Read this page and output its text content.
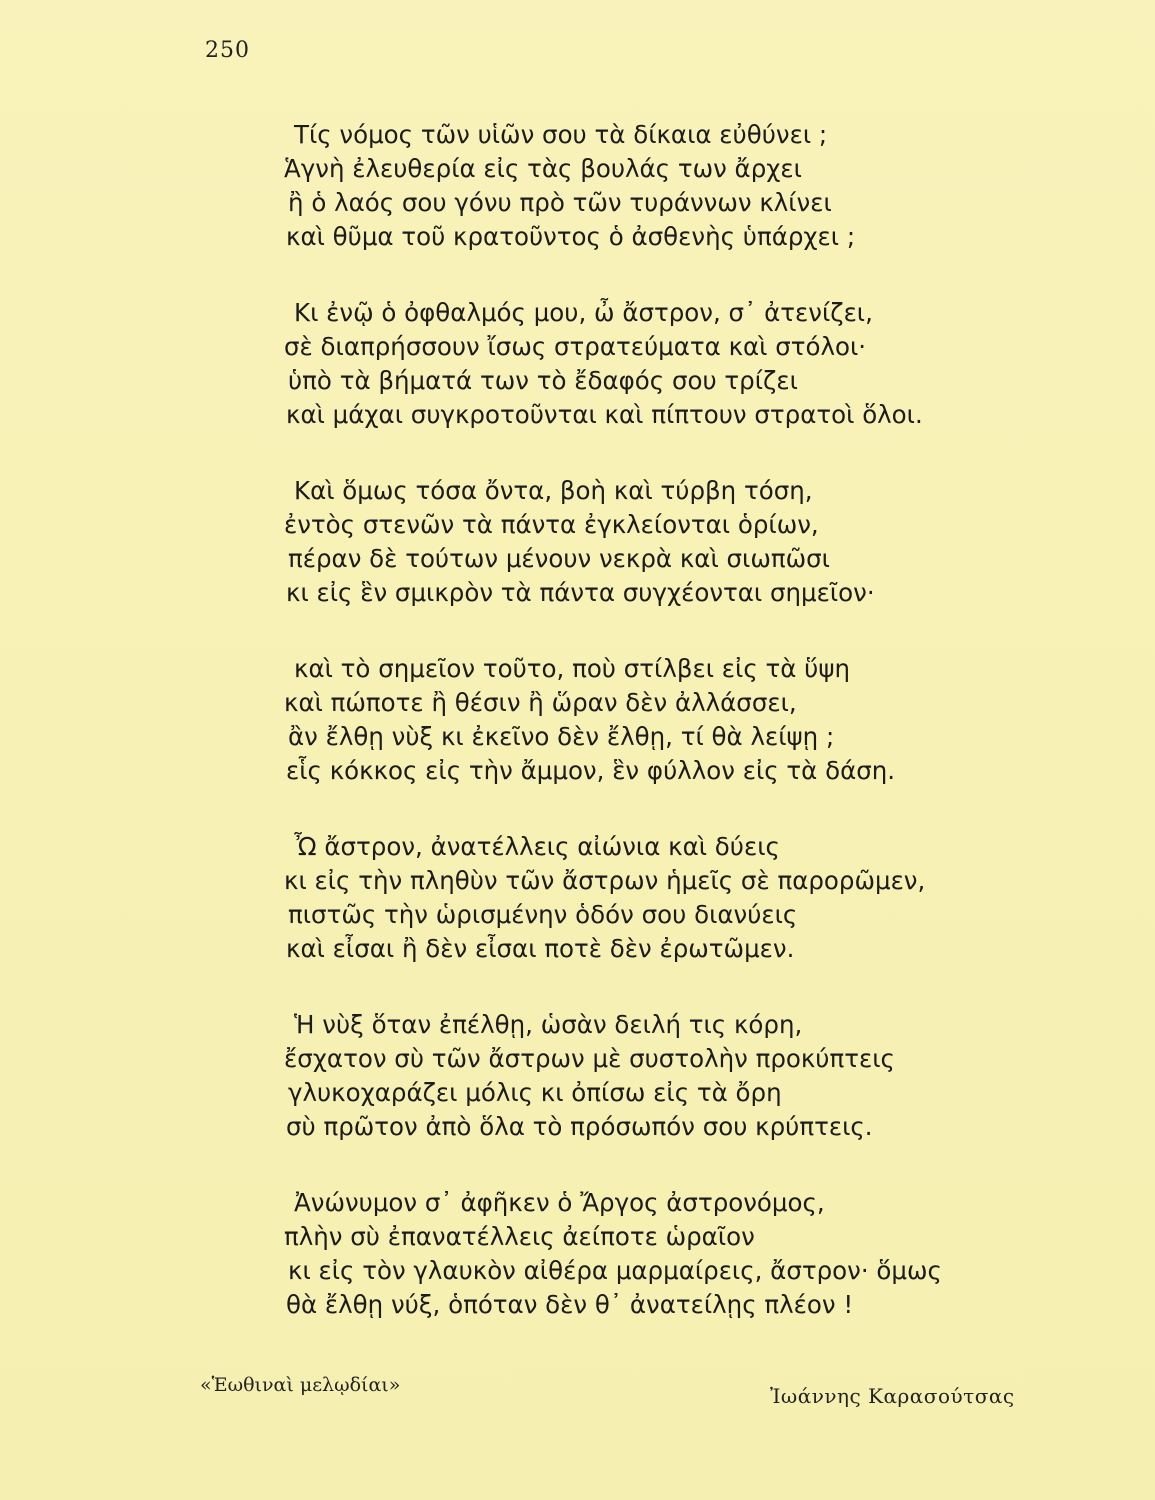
250
Τίς νόμος τῶν υἱῶν σου τὰ δίκαια εὐθύνει ;
Ἁγνὴ ἐλευθερία εἰς τὰς βουλάς των ἄρχει
ἢ ὁ λαός σου γόνυ πρὸ τῶν τυράννων κλίνει
καὶ θῦμα τοῦ κρατοῦντος ὁ ἀσθενὴς ὑπάρχει ;
Κι ἐνῷ ὁ ὀφθαλμός μου, ὦ ἄστρον, σ᾿ ἀτενίζει,
σὲ διαπρήσσουν ἴσως στρατεύματα καὶ στόλοι·
ὑπὸ τὰ βήματά των τὸ ἔδαφός σου τρίζει
καὶ μάχαι συγκροτοῦνται καὶ πίπτουν στρατοὶ ὅλοι.
Καὶ ὅμως τόσα ὄντα, βοὴ καὶ τύρβη τόση,
ἐντὸς στενῶν τὰ πάντα ἐγκλείονται ὁρίων,
πέραν δὲ τούτων μένουν νεκρὰ καὶ σιωπῶσι
κι εἰς ἓν σμικρὸν τὰ πάντα συγχέονται σημεῖον·
καὶ τὸ σημεῖον τοῦτο, ποὺ στίλβει εἰς τὰ ὕψη
καὶ πώποτε ἢ θέσιν ἢ ὥραν δὲν ἀλλάσσει,
ἂν ἔλθῃ νὺξ κι ἐκεῖνο δὲν ἔλθῃ, τί θὰ λείψῃ ;
εἷς κόκκος εἰς τὴν ἄμμον, ἓν φύλλον εἰς τὰ δάση.
Ὦ ἄστρον, ἀνατέλλεις αἰώνια καὶ δύεις
κι εἰς τὴν πληθὺν τῶν ἄστρων ἡμεῖς σὲ παρορῶμεν,
πιστῶς τὴν ὡρισμένην ὁδόν σου διανύεις
καὶ εἶσαι ἢ δὲν εἶσαι ποτὲ δὲν ἐρωτῶμεν.
Ἡ νὺξ ὅταν ἐπέλθῃ, ὡσὰν δειλή τις κόρη,
ἔσχατον σὺ τῶν ἄστρων μὲ συστολὴν προκύπτεις
γλυκοχαράζει μόλις κι ὀπίσω εἰς τὰ ὄρη
σὺ πρῶτον ἀπὸ ὅλα τὸ πρόσωπόν σου κρύπτεις.
Ἀνώνυμον σ᾿ ἀφῆκεν ὁ Ἄργος ἀστρονόμος,
πλὴν σὺ ἐπανατέλλεις ἀείποτε ὡραῖον
κι εἰς τὸν γλαυκὸν αἰθέρα μαρμαίρεις, ἄστρον· ὅμως
θὰ ἔλθῃ νύξ, ὁπόταν δὲν θ᾿ ἀνατείλῃς πλέον !
«Ἑωθιναὶ μελῳδίαι»	Ἰωάννης Καρασούτσας
